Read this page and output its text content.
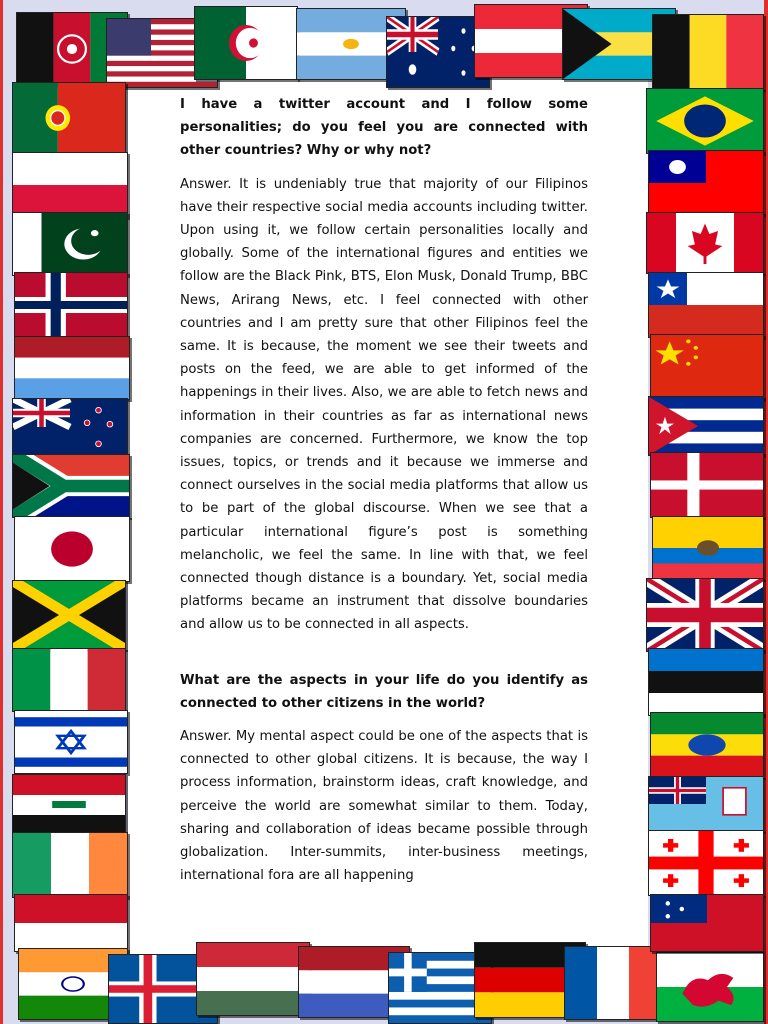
I have a twitter account and I follow some personalities; do you feel you are connected with other countries? Why or why not?

Answer. It is undeniably true that majority of our Filipinos have their respective social media accounts including twitter. Upon using it, we follow certain personalities locally and globally. Some of the international figures and entities we follow are the Black Pink, BTS, Elon Musk, Donald Trump, BBC News, Arirang News, etc. I feel connected with other countries and I am pretty sure that other Filipinos feel the same. It is because, the moment we see their tweets and posts on the feed, we are able to get informed of the happenings in their lives. Also, we are able to fetch news and information in their countries as far as international news companies are concerned. Furthermore, we know the top issues, topics, or trends and it because we immerse and connect ourselves in the social media platforms that allow us to be part of the global discourse. When we see that a particular international figure’s post is something melancholic, we feel the same. In line with that, we feel connected though distance is a boundary. Yet, social media platforms became an instrument that dissolve boundaries and allow us to be connected in all aspects.

What are the aspects in your life do you identify as connected to other citizens in the world?

Answer. My mental aspect could be one of the aspects that is connected to other global citizens. It is because, the way I process information, brainstorm ideas, craft knowledge, and perceive the world are somewhat similar to them. Today, sharing and collaboration of ideas became possible through globalization. Inter-summits, inter-business meetings, international fora are all happening
